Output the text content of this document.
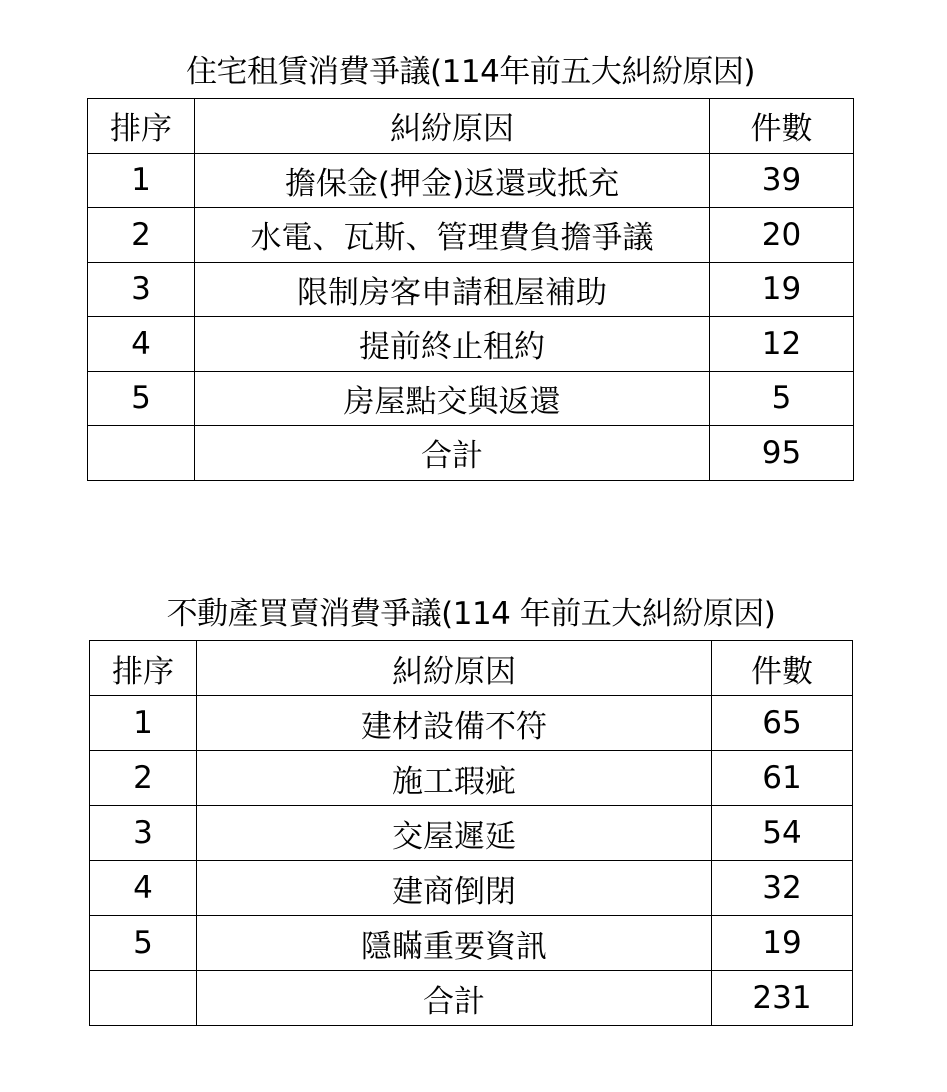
住宅租賃消費爭議(114年前五大糾紛原因)
排序	糾紛原因	件數
1	擔保金(押金)返還或抵充	39
2	水電、瓦斯、管理費負擔爭議	20
3	限制房客申請租屋補助	19
4	提前終止租約	12
5	房屋點交與返還	5
	合計	95
不動產買賣消費爭議(114 年前五大糾紛原因)
排序	糾紛原因	件數
1	建材設備不符	65
2	施工瑕疵	61
3	交屋遲延	54
4	建商倒閉	32
5	隱瞞重要資訊	19
	合計	231
